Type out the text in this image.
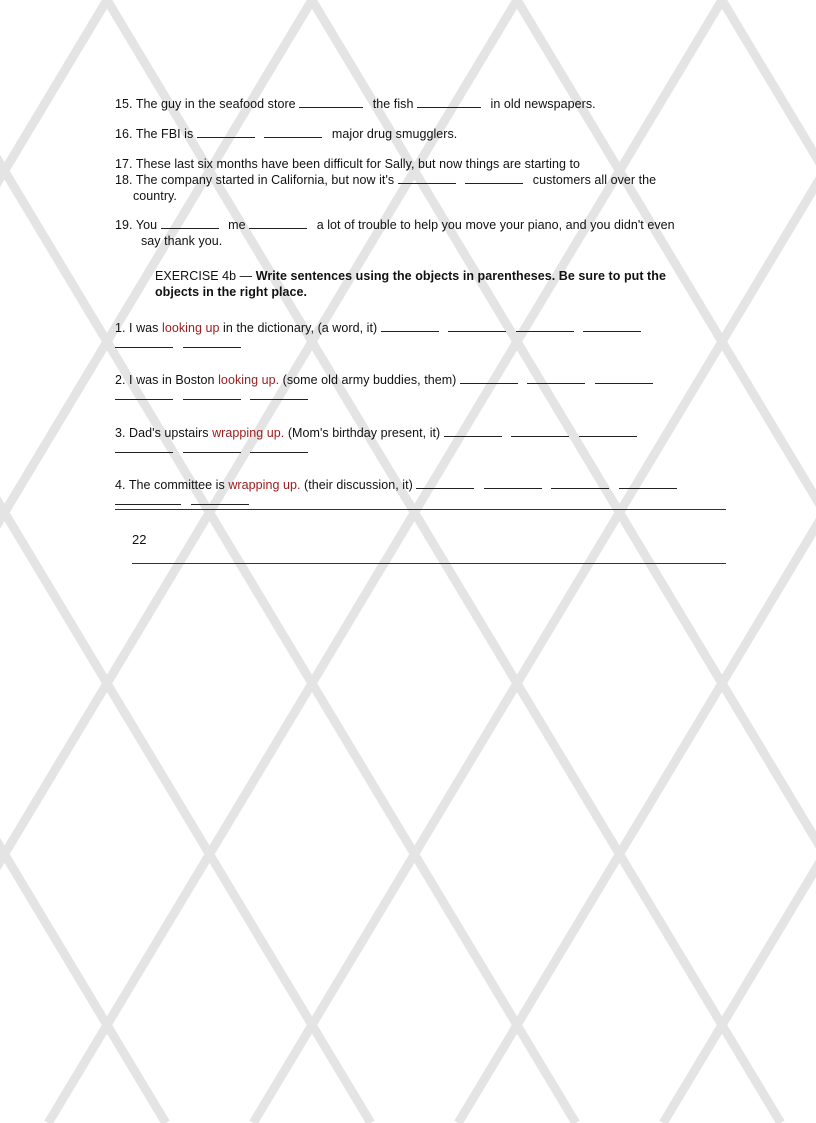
15. The guy in the seafood store	the fish	in old newspapers.
16. The FBI is	major drug smugglers.
17. These last six months have been difficult for Sally, but now things are starting to
18. The company started in California, but now it's	customers all over the
country.
19. You	me	a lot of trouble to help you move your piano, and you didn't even
say thank you.
EXERCISE 4b — Write sentences using the objects in parentheses. Be sure to put the
objects in the right place.
1. I was looking up in the dictionary, (a word, it)

2. I was in Boston looking up. (some old army buddies, them)

3. Dad's upstairs wrapping up. (Mom's birthday present, it)

4. The committee is wrapping up. (their discussion, it)

22
